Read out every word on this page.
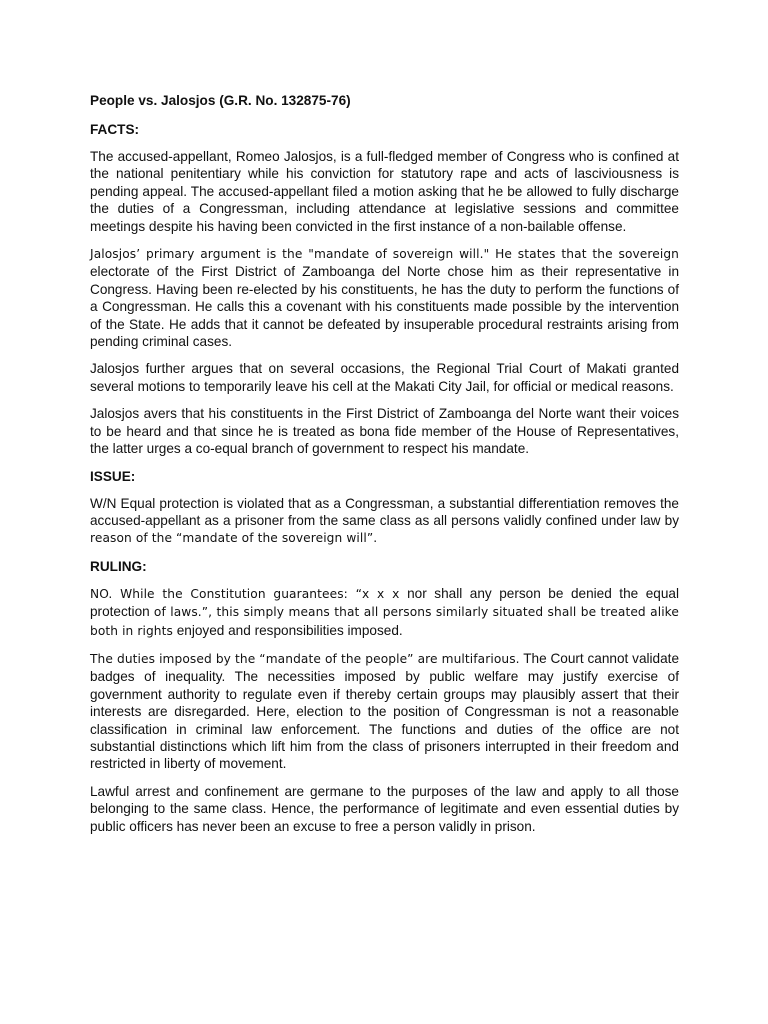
People vs. Jalosjos (G.R. No. 132875-76)
FACTS:

The accused-appellant, Romeo Jalosjos, is a full-fledged member of Congress who is confined at the national penitentiary while his conviction for statutory rape and acts of lasciviousness is pending appeal. The accused-appellant filed a motion asking that he be allowed to fully discharge the duties of a Congressman, including attendance at legislative sessions and committee meetings despite his having been convicted in the first instance of a non-bailable offense.

Jalosjos’ primary argument is the "mandate of sovereign will." He states that the sovereign electorate of the First District of Zamboanga del Norte chose him as their representative in Congress. Having been re-elected by his constituents, he has the duty to perform the functions of a Congressman. He calls this a covenant with his constituents made possible by the intervention of the State. He adds that it cannot be defeated by insuperable procedural restraints arising from pending criminal cases.

Jalosjos further argues that on several occasions, the Regional Trial Court of Makati granted several motions to temporarily leave his cell at the Makati City Jail, for official or medical reasons.

Jalosjos avers that his constituents in the First District of Zamboanga del Norte want their voices to be heard and that since he is treated as bona fide member of the House of Representatives, the latter urges a co-equal branch of government to respect his mandate.

ISSUE:

W/N Equal protection is violated that as a Congressman, a substantial differentiation removes the accused-appellant as a prisoner from the same class as all persons validly confined under law by reason of the “mandate of the sovereign will”.

RULING:

NO. While the Constitution guarantees: “x x x nor shall any person be denied the equal protection of laws.”, this simply means that all persons similarly situated shall be treated alike both in rights enjoyed and responsibilities imposed.

The duties imposed by the “mandate of the people” are multifarious. The Court cannot validate badges of inequality. The necessities imposed by public welfare may justify exercise of government authority to regulate even if thereby certain groups may plausibly assert that their interests are disregarded. Here, election to the position of Congressman is not a reasonable classification in criminal law enforcement. The functions and duties of the office are not substantial distinctions which lift him from the class of prisoners interrupted in their freedom and restricted in liberty of movement.

Lawful arrest and confinement are germane to the purposes of the law and apply to all those belonging to the same class. Hence, the performance of legitimate and even essential duties by public officers has never been an excuse to free a person validly in prison.
